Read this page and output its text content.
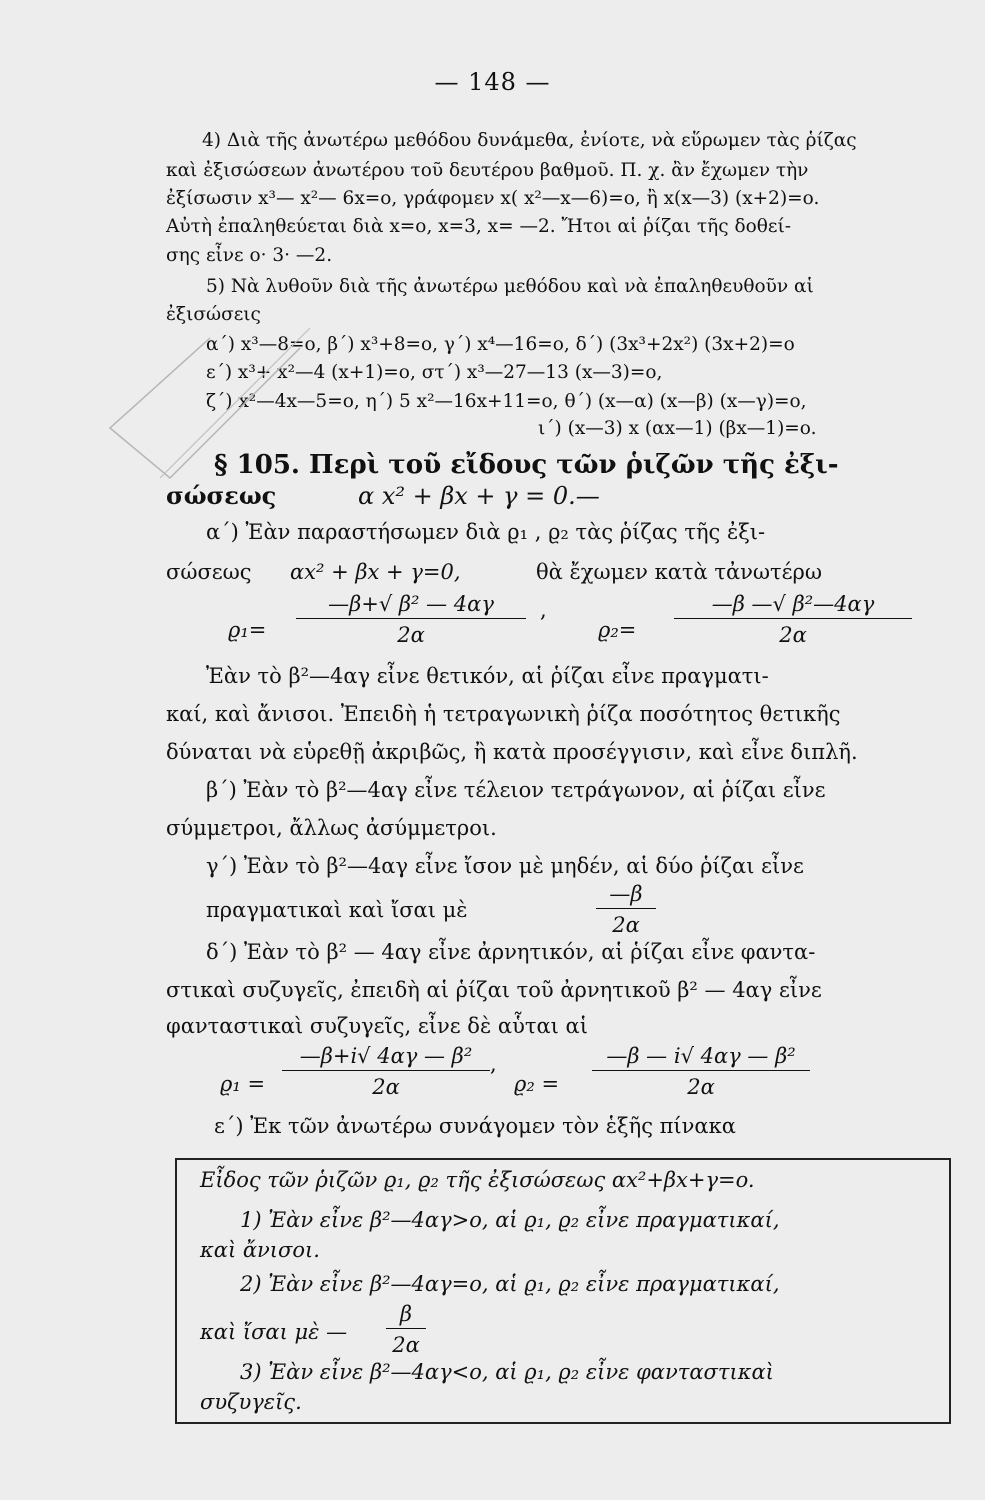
— 148 —
4) Διὰ τῆς ἀνωτέρω μεθόδου δυνάμεθα, ἐνίοτε, νὰ εὕρωμεν τὰς ῥίζας
καὶ ἐξισώσεων ἀνωτέρου τοῦ δευτέρου βαθμοῦ. Π. χ. ἂν ἔχωμεν τὴν
ἐξίσωσιν x³— x²— 6x=o, γράφομεν x( x²—x—6)=o, ἢ x(x—3) (x+2)=o.
Αὐτὴ ἐπαληθεύεται διὰ x=o, x=3, x= —2. Ἤτοι αἱ ῥίζαι τῆς δοθεί-
σης εἶνε o· 3· —2.
5) Νὰ λυθοῦν διὰ τῆς ἀνωτέρω μεθόδου καὶ νὰ ἐπαληθευθοῦν αἱ
ἐξισώσεις
α΄) x³—8=o, β΄) x³+8=o, γ΄) x⁴—16=o, δ΄) (3x³+2x²) (3x+2)=o
ε΄) x³+ x²—4 (x+1)=o, στ΄) x³—27—13 (x—3)=o,
ζ΄) x²—4x—5=o, η΄) 5 x²—16x+11=o, θ΄) (x—α) (x—β) (x—γ)=o,
ι΄) (x—3) x (αx—1) (βx—1)=o.
§ 105. Περὶ τοῦ εἴδους τῶν ῥιζῶν τῆς ἐξι-
σώσεως	α x² + βx + γ = 0.—
α΄) Ἐὰν παραστήσωμεν διὰ ϱ₁ , ϱ₂ τὰς ῥίζας τῆς ἐξι-
σώσεως αx² + βx + γ=0,	θὰ ἔχωμεν κατὰ τἀνωτέρω
$ϱ_1= \frac{\text{—β+√ β² — 4αγ}}{2\alpha}$ ,
$ϱ_2= \frac{\text{—β —√ β²—4αγ}}{2\alpha}$
Ἐὰν τὸ β²—4αγ εἶνε θετικόν, αἱ ῥίζαι εἶνε πραγματι-
καί, καὶ ἄνισοι. Ἐπειδὴ ἡ τετραγωνικὴ ῥίζα ποσότητος θετικῆς
δύναται νὰ εὑρεθῇ ἀκριβῶς, ἢ κατὰ προσέγγισιν, καὶ εἶνε διπλῆ.
β΄) Ἐὰν τὸ β²—4αγ εἶνε τέλειον τετράγωνον, αἱ ῥίζαι εἶνε
σύμμετροι, ἄλλως ἀσύμμετροι.
γ΄) Ἐὰν τὸ β²—4αγ εἶνε ἴσον μὲ μηδέν, αἱ δύο ῥίζαι εἶνε
πραγματικαὶ καὶ ἴσαι μὲ	$\frac{—\beta}{2\alpha}$
δ΄) Ἐὰν τὸ β² — 4αγ εἶνε ἀρνητικόν, αἱ ῥίζαι εἶνε φαντα-
στικαὶ συζυγεῖς, ἐπειδὴ αἱ ῥίζαι τοῦ ἀρνητικοῦ β² — 4αγ εἶνε
φανταστικαὶ συζυγεῖς, εἶνε δὲ αὗται αἱ
$ϱ_1 = \frac{\text{—β+i√ 4αγ — β²}}{2\alpha}$ ,
$ϱ_2 = \frac{\text{—β — i√ 4αγ — β²}}{2\alpha}$
ε΄) Ἐκ τῶν ἀνωτέρω συνάγομεν τὸν ἑξῆς πίνακα
Εἶδος τῶν ῥιζῶν ϱ₁, ϱ₂ τῆς ἐξισώσεως αx²+βx+γ=o.
1) Ἐὰν εἶνε β²—4αγ>o, αἱ ϱ₁, ϱ₂ εἶνε πραγματικαί,
καὶ ἄνισοι.
2) Ἐὰν εἶνε β²—4αγ=o, αἱ ϱ₁, ϱ₂ εἶνε πραγματικαί,
καὶ ἴσαι μὲ — $\frac{\beta}{2\alpha}$
3) Ἐὰν εἶνε β²—4αγ<o, αἱ ϱ₁, ϱ₂ εἶνε φανταστικαὶ
συζυγεῖς.
